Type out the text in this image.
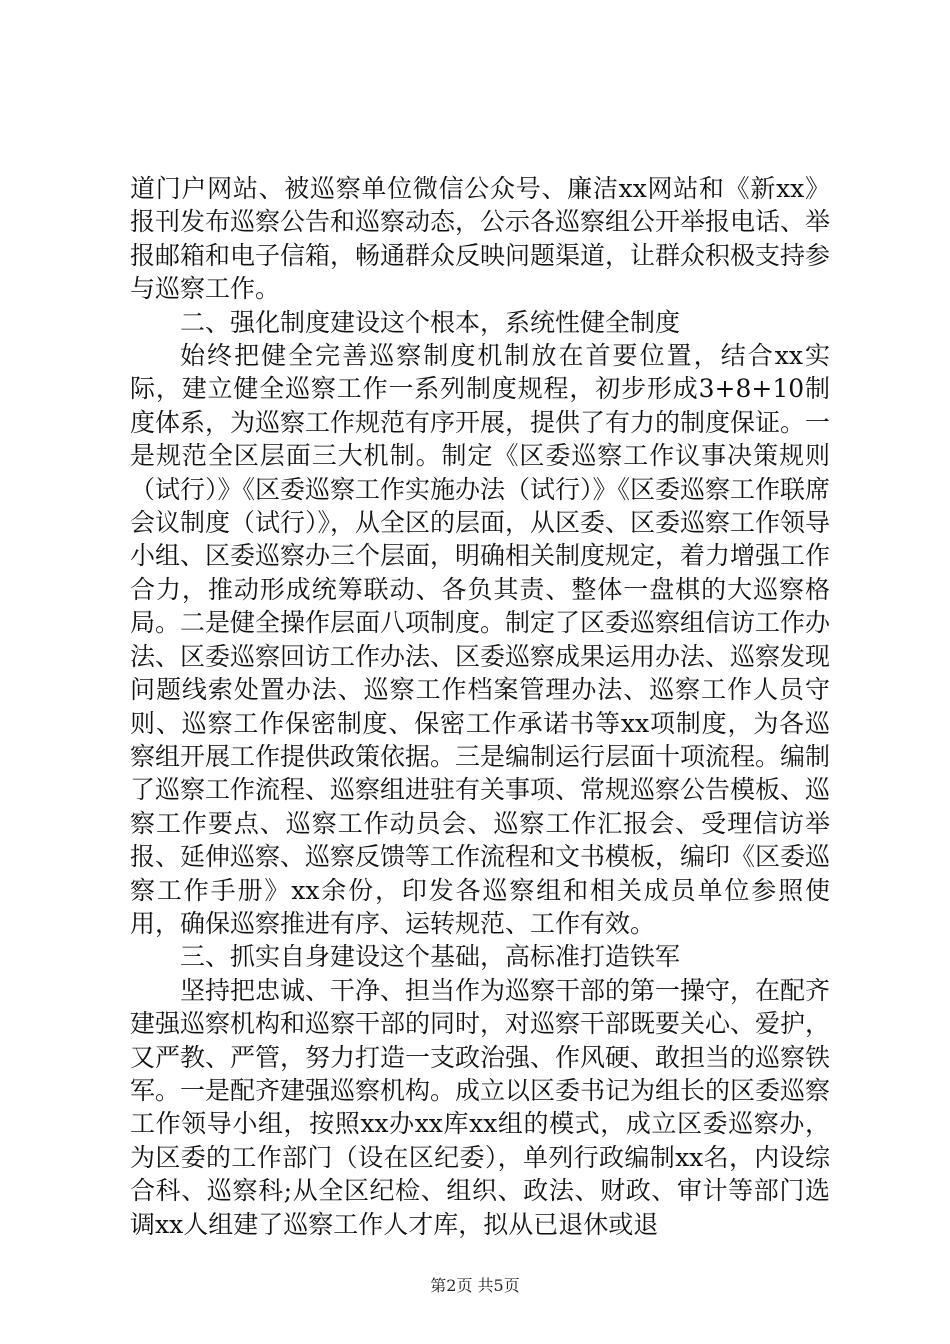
道门户网站、被巡察单位微信公众号、廉洁xx网站和《新xx》报刊发布巡察公告和巡察动态，公示各巡察组公开举报电话、举报邮箱和电子信箱，畅通群众反映问题渠道，让群众积极支持参与巡察工作。

二、强化制度建设这个根本，系统性健全制度

始终把健全完善巡察制度机制放在首要位置，结合xx实际，建立健全巡察工作一系列制度规程，初步形成3+8+10制度体系，为巡察工作规范有序开展，提供了有力的制度保证。一是规范全区层面三大机制。制定《区委巡察工作议事决策规则（试行）》《区委巡察工作实施办法（试行）》《区委巡察工作联席会议制度（试行）》，从全区的层面，从区委、区委巡察工作领导小组、区委巡察办三个层面，明确相关制度规定，着力增强工作合力，推动形成统筹联动、各负其责、整体一盘棋的大巡察格局。二是健全操作层面八项制度。制定了区委巡察组信访工作办法、区委巡察回访工作办法、区委巡察成果运用办法、巡察发现问题线索处置办法、巡察工作档案管理办法、巡察工作人员守则、巡察工作保密制度、保密工作承诺书等xx项制度，为各巡察组开展工作提供政策依据。三是编制运行层面十项流程。编制了巡察工作流程、巡察组进驻有关事项、常规巡察公告模板、巡察工作要点、巡察工作动员会、巡察工作汇报会、受理信访举报、延伸巡察、巡察反馈等工作流程和文书模板，编印《区委巡察工作手册》xx余份，印发各巡察组和相关成员单位参照使用，确保巡察推进有序、运转规范、工作有效。

三、抓实自身建设这个基础，高标准打造铁军

坚持把忠诚、干净、担当作为巡察干部的第一操守，在配齐建强巡察机构和巡察干部的同时，对巡察干部既要关心、爱护，又严教、严管，努力打造一支政治强、作风硬、敢担当的巡察铁军。一是配齐建强巡察机构。成立以区委书记为组长的区委巡察工作领导小组，按照xx办xx库xx组的模式，成立区委巡察办，为区委的工作部门（设在区纪委），单列行政编制xx名，内设综合科、巡察科;从全区纪检、组织、政法、财政、审计等部门选调xx人组建了巡察工作人才库，拟从已退休或退

第2页 共5页
